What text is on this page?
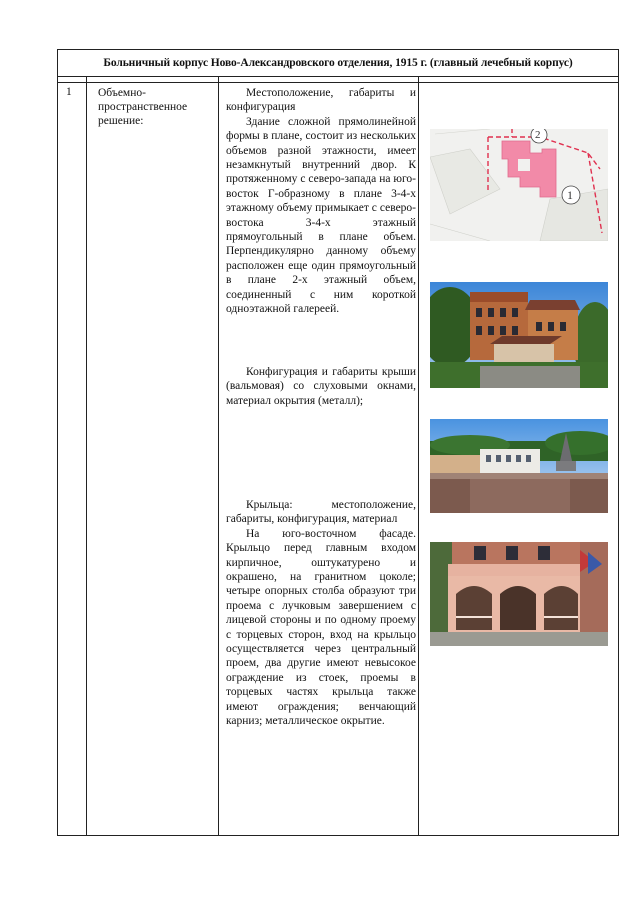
Больничный корпус Ново-Александровского отделения, 1915 г. (главный лечебный корпус)
1 Объемно-пространственное решение:

Местоположение, габариты и конфигурация

Здание сложной прямолинейной формы в плане, состоит из нескольких объемов разной этажности, имеет незамкнутый внутренний двор. К протяженному с северо-запада на юго-восток Г-образному в плане 3-4-х этажному объему примыкает с северо-востока 3-4-х этажный прямоугольный в плане объем. Перпендикулярно данному объему расположен еще один прямоугольный в плане 2-х этажный объем, соединенный с ним короткой одноэтажной галереей.

Конфигурация и габариты крыши (вальмовая) со слуховыми окнами, материал окрытия (металл);

Крыльца: местоположение, габариты, конфигурация, материал

На юго-восточном фасаде. Крыльцо перед главным входом кирпичное, оштукатурено и окрашено, на гранитном цоколе; четыре опорных столба образуют три проема с лучковым завершением с лицевой стороны и по одному проему с торцевых сторон, вход на крыльцо осуществляется через центральный проем, два другие имеют невысокое ограждение из стоек, проемы в торцевых частях крыльца также имеют ограждения; венчающий карниз; металлическое окрытие.

2
1
